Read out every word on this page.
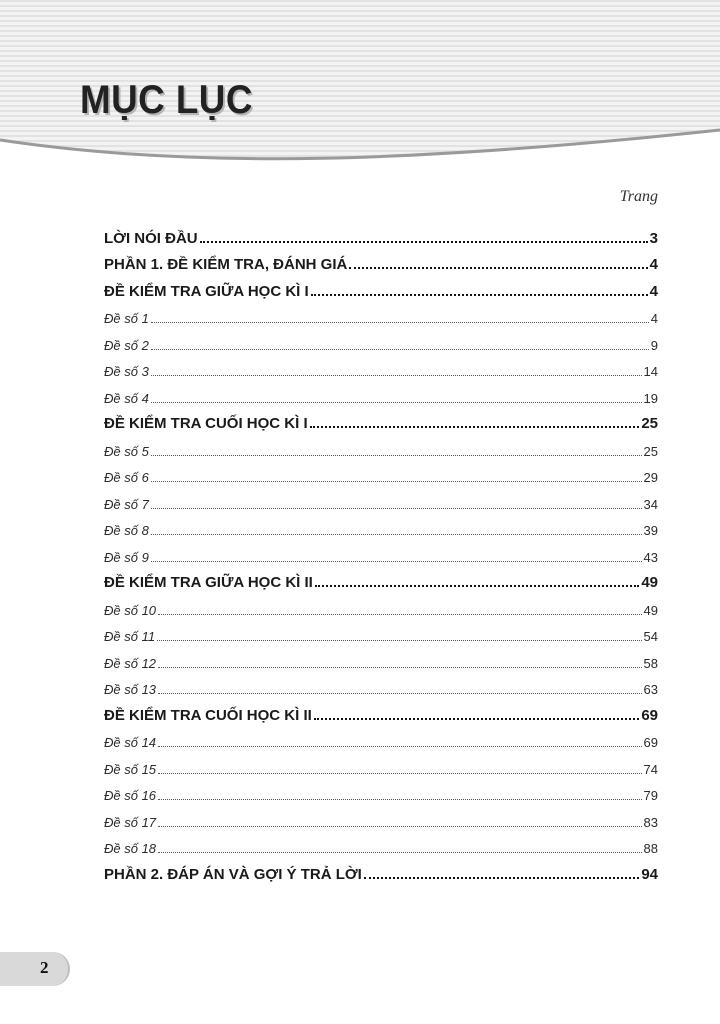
MỤC LỤC
Trang
LỜI NÓI ĐẦU	3
PHẦN 1. ĐỀ KIỂM TRA, ĐÁNH GIÁ	4
ĐỀ KIỂM TRA GIỮA HỌC KÌ I	4
Đề số 1	4
Đề số 2	9
Đề số 3	14
Đề số 4	19
ĐỀ KIỂM TRA CUỐI HỌC KÌ I	25
Đề số 5	25
Đề số 6	29
Đề số 7	34
Đề số 8	39
Đề số 9	43
ĐỀ KIỂM TRA GIỮA HỌC KÌ II	49
Đề số 10	49
Đề số 11	54
Đề số 12	58
Đề số 13	63
ĐỀ KIỂM TRA CUỐI HỌC KÌ II	69
Đề số 14	69
Đề số 15	74
Đề số 16	79
Đề số 17	83
Đề số 18	88
PHẦN 2. ĐÁP ÁN VÀ GỢI Ý TRẢ LỜI	94
2
